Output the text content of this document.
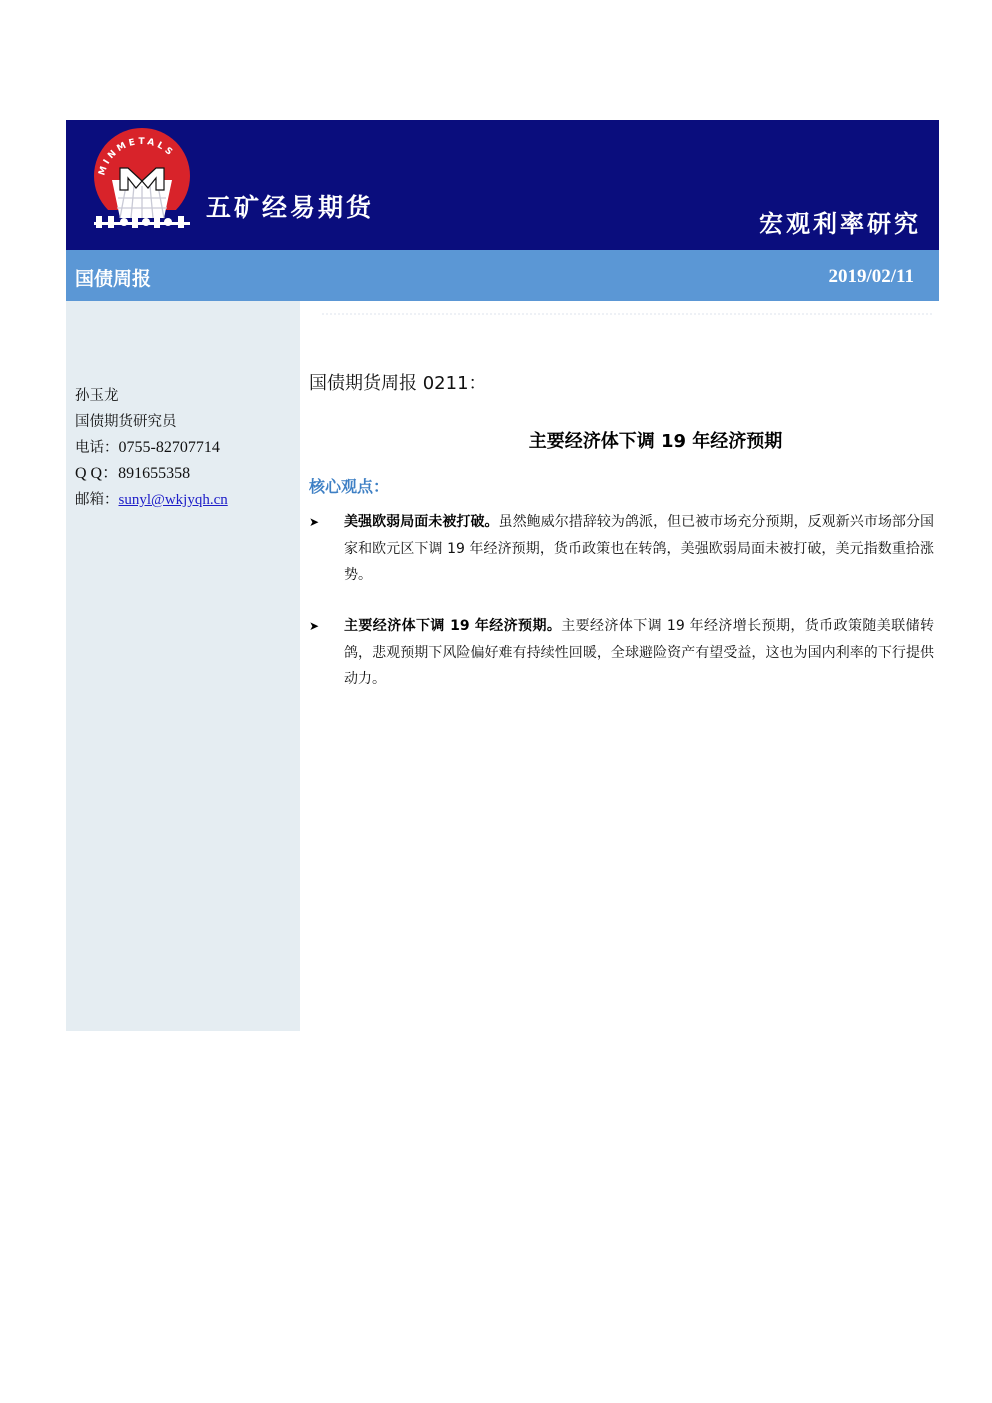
MINMETALS
五矿经易期货
宏观利率研究
国债周报	2019/02/11
孙玉龙
国债期货研究员
电话：0755-82707714
Q Q：891655358
邮箱：sunyl@wkjyqh.cn
国债期货周报 0211：
主要经济体下调 19 年经济预期
核心观点：
➤ 美强欧弱局面未被打破。虽然鲍威尔措辞较为鸽派，但已被市场充分预期，反观新兴市场部分国家和欧元区下调 19 年经济预期，货币政策也在转鸽，美强欧弱局面未被打破，美元指数重拾涨势。
➤ 主要经济体下调 19 年经济预期。主要经济体下调 19 年经济增长预期，货币政策随美联储转鸽，悲观预期下风险偏好难有持续性回暖，全球避险资产有望受益，这也为国内利率的下行提供动力。
